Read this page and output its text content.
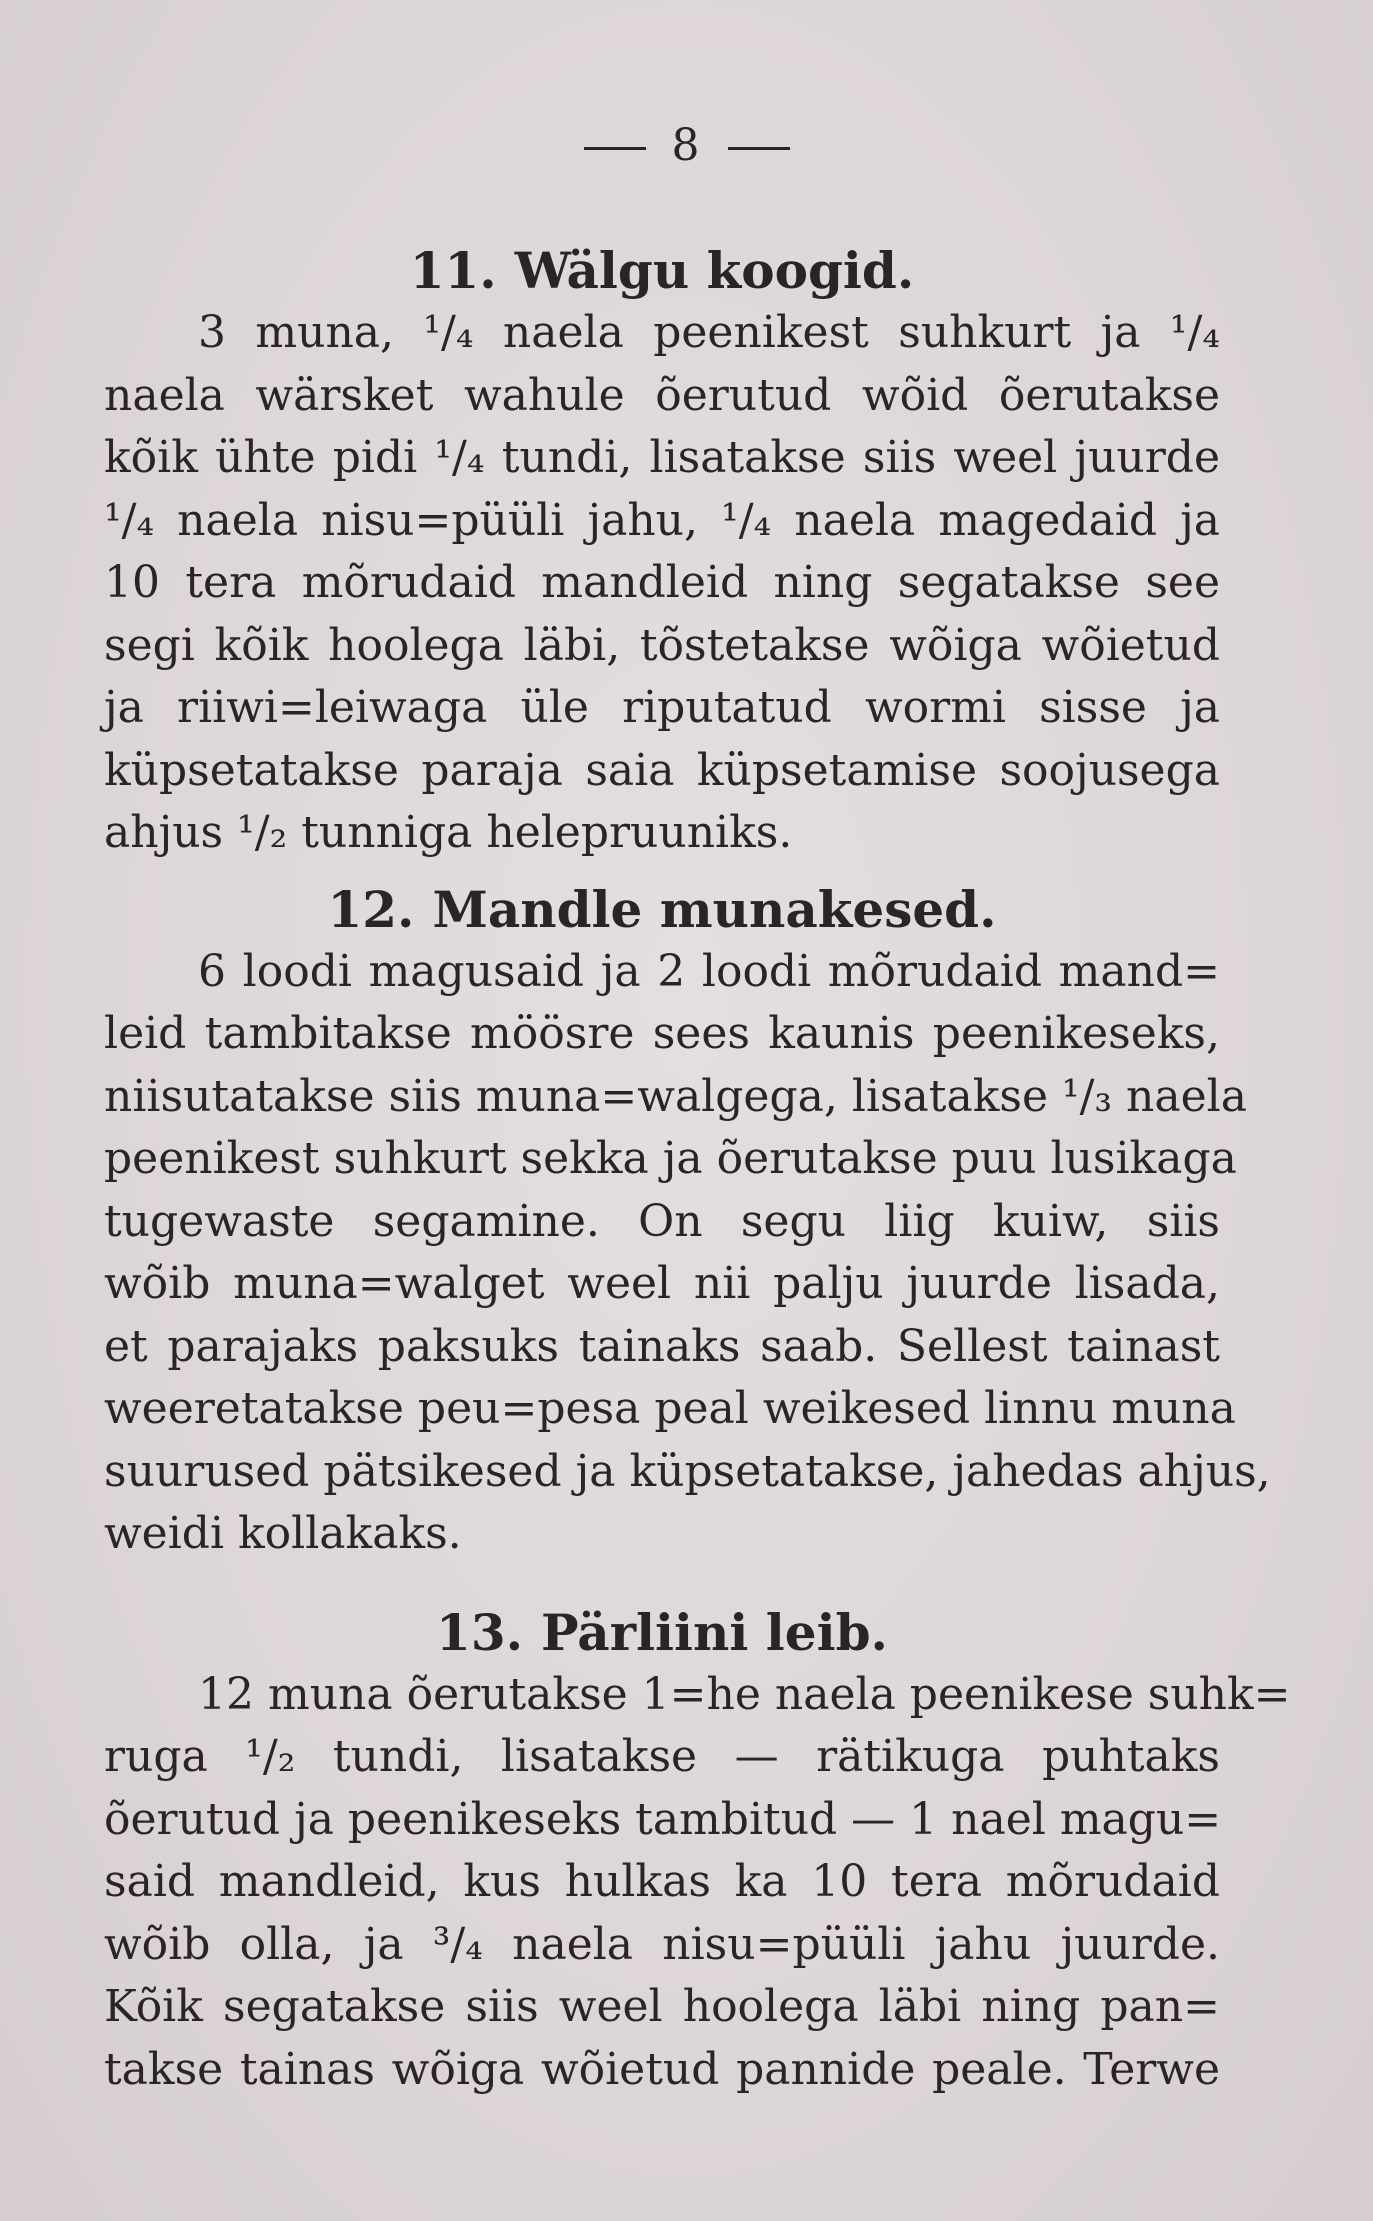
8
11. Wälgu koogid.
3 muna, ¹/₄ naela peenikest suhkurt ja ¹/₄
naela wärsket wahule õerutud wõid õerutakse
kõik ühte pidi ¹/₄ tundi, lisatakse siis weel juurde
¹/₄ naela nisu=püüli jahu, ¹/₄ naela magedaid ja
10 tera mõrudaid mandleid ning segatakse see
segi kõik hoolega läbi, tõstetakse wõiga wõietud
ja riiwi=leiwaga üle riputatud wormi sisse ja
küpsetatakse paraja saia küpsetamise soojusega
ahjus ¹/₂ tunniga helepruuniks.
12. Mandle munakesed.
6 loodi magusaid ja 2 loodi mõrudaid mand=
leid tambitakse möösre sees kaunis peenikeseks,
niisutatakse siis muna=walgega, lisatakse ¹/₃ naela
peenikest suhkurt sekka ja õerutakse puu lusikaga
tugewaste segamine. On segu liig kuiw, siis
wõib muna=walget weel nii palju juurde lisada,
et parajaks paksuks tainaks saab. Sellest tainast
weeretatakse peu=pesa peal weikesed linnu muna
suurused pätsikesed ja küpsetatakse, jahedas ahjus,
weidi kollakaks.
13. Pärliini leib.
12 muna õerutakse 1=he naela peenikese suhk=
ruga ¹/₂ tundi, lisatakse — rätikuga puhtaks
õerutud ja peenikeseks tambitud — 1 nael magu=
said mandleid, kus hulkas ka 10 tera mõrudaid
wõib olla, ja ³/₄ naela nisu=püüli jahu juurde.
Kõik segatakse siis weel hoolega läbi ning pan=
takse tainas wõiga wõietud pannide peale. Terwe
